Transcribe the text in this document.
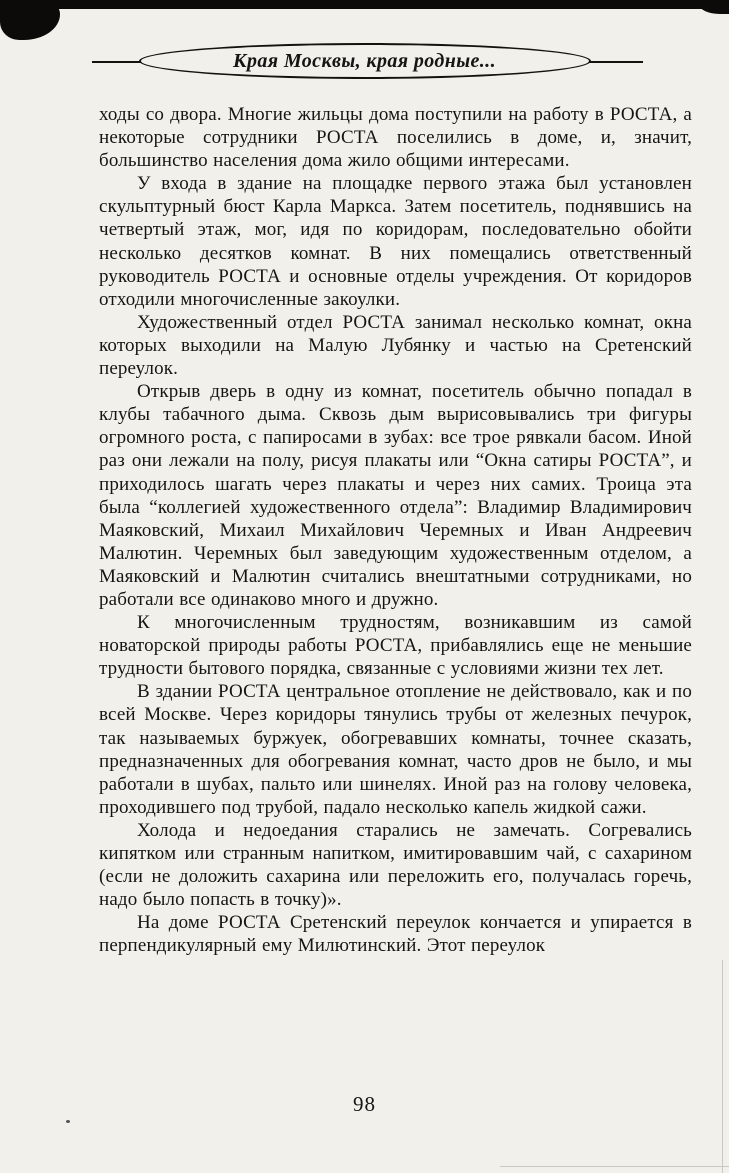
Края Москвы, края родные...

ходы со двора. Многие жильцы дома поступили на работу в РОСТА, а некоторые сотрудники РОСТА поселились в доме, и, значит, большинство населения дома жило общими интересами.

У входа в здание на площадке первого этажа был установлен скульптурный бюст Карла Маркса. Затем посетитель, поднявшись на четвертый этаж, мог, идя по коридорам, последовательно обойти несколько десятков комнат. В них помещались ответственный руководитель РОСТА и основные отделы учреждения. От коридоров отходили многочисленные закоулки.

Художественный отдел РОСТА занимал несколько комнат, окна которых выходили на Малую Лубянку и частью на Сретенский переулок.

Открыв дверь в одну из комнат, посетитель обычно попадал в клубы табачного дыма. Сквозь дым вырисовывались три фигуры огромного роста, с папиросами в зубах: все трое рявкали басом. Иной раз они лежали на полу, рисуя плакаты или “Окна сатиры РОСТА”, и приходилось шагать через плакаты и через них самих. Троица эта была “коллегией художественного отдела”: Владимир Владимирович Маяковский, Михаил Михайлович Черемных и Иван Андреевич Малютин. Черемных был заведующим художественным отделом, а Маяковский и Малютин считались внештатными сотрудниками, но работали все одинаково много и дружно.

К многочисленным трудностям, возникавшим из самой новаторской природы работы РОСТА, прибавлялись еще не меньшие трудности бытового порядка, связанные с условиями жизни тех лет.

В здании РОСТА центральное отопление не действовало, как и по всей Москве. Через коридоры тянулись трубы от железных печурок, так называемых буржуек, обогревавших комнаты, точнее сказать, предназначенных для обогревания комнат, часто дров не было, и мы работали в шубах, пальто или шинелях. Иной раз на голову человека, проходившего под трубой, падало несколько капель жидкой сажи.

Холода и недоедания старались не замечать. Согревались кипятком или странным напитком, имитировавшим чай, с сахарином (если не доложить сахарина или переложить его, получалась горечь, надо было попасть в точку)».

На доме РОСТА Сретенский переулок кончается и упирается в перпендикулярный ему Милютинский. Этот переулок

98
